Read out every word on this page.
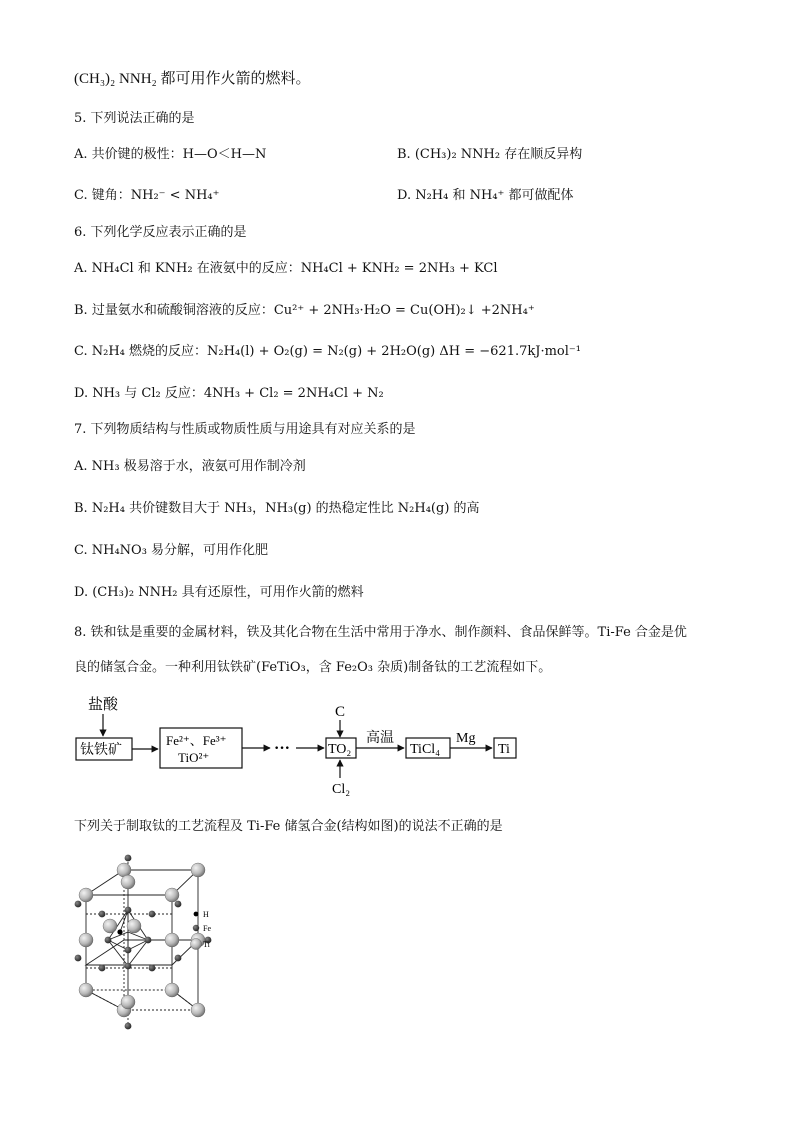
(CH₃)₂ NNH₂ 都可用作火箭的燃料。
5. 下列说法正确的是
A. 共价键的极性：H—O＜H—N	B. (CH₃)₂ NNH₂ 存在顺反异构
C. 键角：NH₂⁻ < NH₄⁺	D. N₂H₄ 和 NH₄⁺ 都可做配体
6. 下列化学反应表示正确的是
A. NH₄Cl 和 KNH₂ 在液氨中的反应：NH₄Cl + KNH₂ = 2NH₃ + KCl
B. 过量氨水和硫酸铜溶液的反应：Cu²⁺ + 2NH₃·H₂O = Cu(OH)₂↓ +2NH₄⁺
C. N₂H₄ 燃烧的反应：N₂H₄(l) + O₂(g) = N₂(g) + 2H₂O(g) ΔH = −621.7kJ·mol⁻¹
D. NH₃ 与 Cl₂ 反应：4NH₃ + Cl₂ = 2NH₄Cl + N₂
7. 下列物质结构与性质或物质性质与用途具有对应关系的是
A. NH₃ 极易溶于水，液氨可用作制冷剂
B. N₂H₄ 共价键数目大于 NH₃，NH₃(g) 的热稳定性比 N₂H₄(g) 的高
C. NH₄NO₃ 易分解，可用作化肥
D. (CH₃)₂ NNH₂ 具有还原性，可用作火箭的燃料
8. 铁和钛是重要的金属材料，铁及其化合物在生活中常用于净水、制作颜料、食品保鲜等。Ti-Fe 合金是优
良的储氢合金。一种利用钛铁矿(FeTiO₃，含 Fe₂O₃ 杂质)制备钛的工艺流程如下。
盐酸
钛铁矿
Fe²⁺、Fe³⁺
TiO²⁺
···
C
TO₂
Cl₂
高温
TiCl₄
Mg
Ti
下列关于制取钛的工艺流程及 Ti-Fe 储氢合金(结构如图)的说法不正确的是
H
Fe
Ti
